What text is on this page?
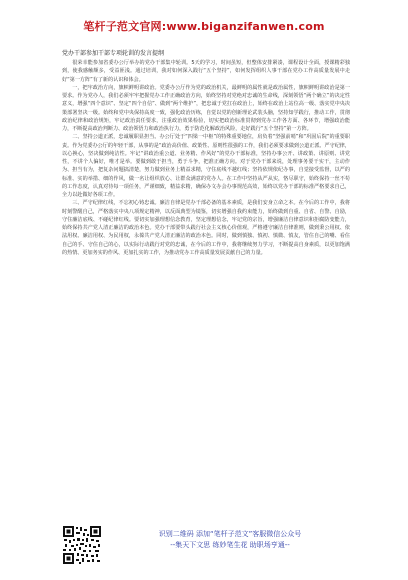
笔杆子范文官网:www.biganzifanwen.com
党办干部参加干部专项轮训的发言提纲

很荣幸能参加省委办公厅举办的党办干部集中轮训。5天的学习，时间虽短，但整体安排紧凑，课程设计全面，授课精彩独到，使我感触颇多，受益匪浅。通过培训，我对如何深入践行“五个坚持”，如何发挥组织人事干部在党办工作高质量发展中走好“第一方阵”有了新的认识和体会。

一，把牢政治方向，旗帜鲜明讲政治。党委办公厅作为党的政治机关，最鲜明的属性就是政治属性，旗帜鲜明讲政治是第一要求。作为党办人，我们必须牢牢把握党办工作正确政治方向，始终坚持对党绝对忠诚的生命线，深刻领悟“两个确立”的决定性意义，增强“四个意识”、坚定“四个自信”、做到“两个维护”，把忠诚于党扛在政治上，始终在政治上站位高一级、落实党中央决策部署坚决一级。始终和党中央保持高度一致，强化政治历练，自觉以党的创新理论武装头脑，坚持知学践行，推动工作，贯彻政治纪律和政治规矩，牢记政治责任要求，注重政治效果检验，切实把政治标准贯彻到党办工作各方面、各环节，增强政治能力，不断提高政治判断力、政治领悟力和政治执行力，勇于防范化解政治风险，走好践行“五个坚持”第一方阵。

二、坚持公道正派，忠诚履职显担当。办公厅处于“四梁一中枢”的特殊重要地位，肩负着“坚强前哨”和“巩固后院”的重要职责。作为党委办公厅的年轻干部，从事的是“政治高价值、政策性、原则性很强的工作，我们必须要求做到公道正派、严守纪律，以心换心，坚决做到纯洁性。牢记“讲政治重公道、业务精、作风好”的党办干部标准，坚持办事公开、讲政策、讲原则、讲党性，不讲个人偏好，唯才是举。要做到敢于担当，勇于斗争，把准正确方向。对于党办干部来说，处理事务要干实干，主动作为、担当有为，把复杂问题搞清楚，努力做到业务上精益求精，守住底线不越红线；坚持依规依纪办事，自觉接受监督，以严的标准、实的举措、细的作风，做一名让组织放心、让群众满意的党办人。在工作中坚持从严从实，恪尽职守，始终保持一丝不苟的工作态度，认真对待每一项任务，严谨细致，精益求精，确保办文办会办事规范高效，始终以党办干部的标准严格要求自己，全力以赴做好各项工作。

三、严守纪律红线，不忘初心铸忠诚。廉洁自律是党办干部必备的基本素质，是我们安身立命之本。在今后的工作中，我将时刻警醒自己，严格落实中央八项规定精神，以反面典型为镜鉴，切实增强自我约束能力，始终做到自重、自省、自警、自励，守住廉洁底线、不碰纪律红线。要切实加强理想信念教育，坚定理想信念，牢记党的宗旨，增强廉洁自律意识和拒腐防变能力，始终保持共产党人清正廉洁的政治本色。党办干部要带头践行社会主义核心价值观，严格遵守廉洁自律准则，做到秉公用权、依法用权、廉洁用权、为民用权，永葆共产党人清正廉洁的政治本色。同时，做到慎独、慎初、慎微、慎友，管住自己的嘴、看住自己的手、守住自己的心，以实际行动践行对党的忠诚，在今后的工作中，我将继续努力学习，不断提高自身素质，以更加饱满的热情、更加务实的作风、更加扎实的工作，为推动党办工作高质量发展贡献自己的力量。

识别二维码 添加“笔杆子范文”客服微信公众号
--集天下文思 练妙笔生花 助职场亨通--
